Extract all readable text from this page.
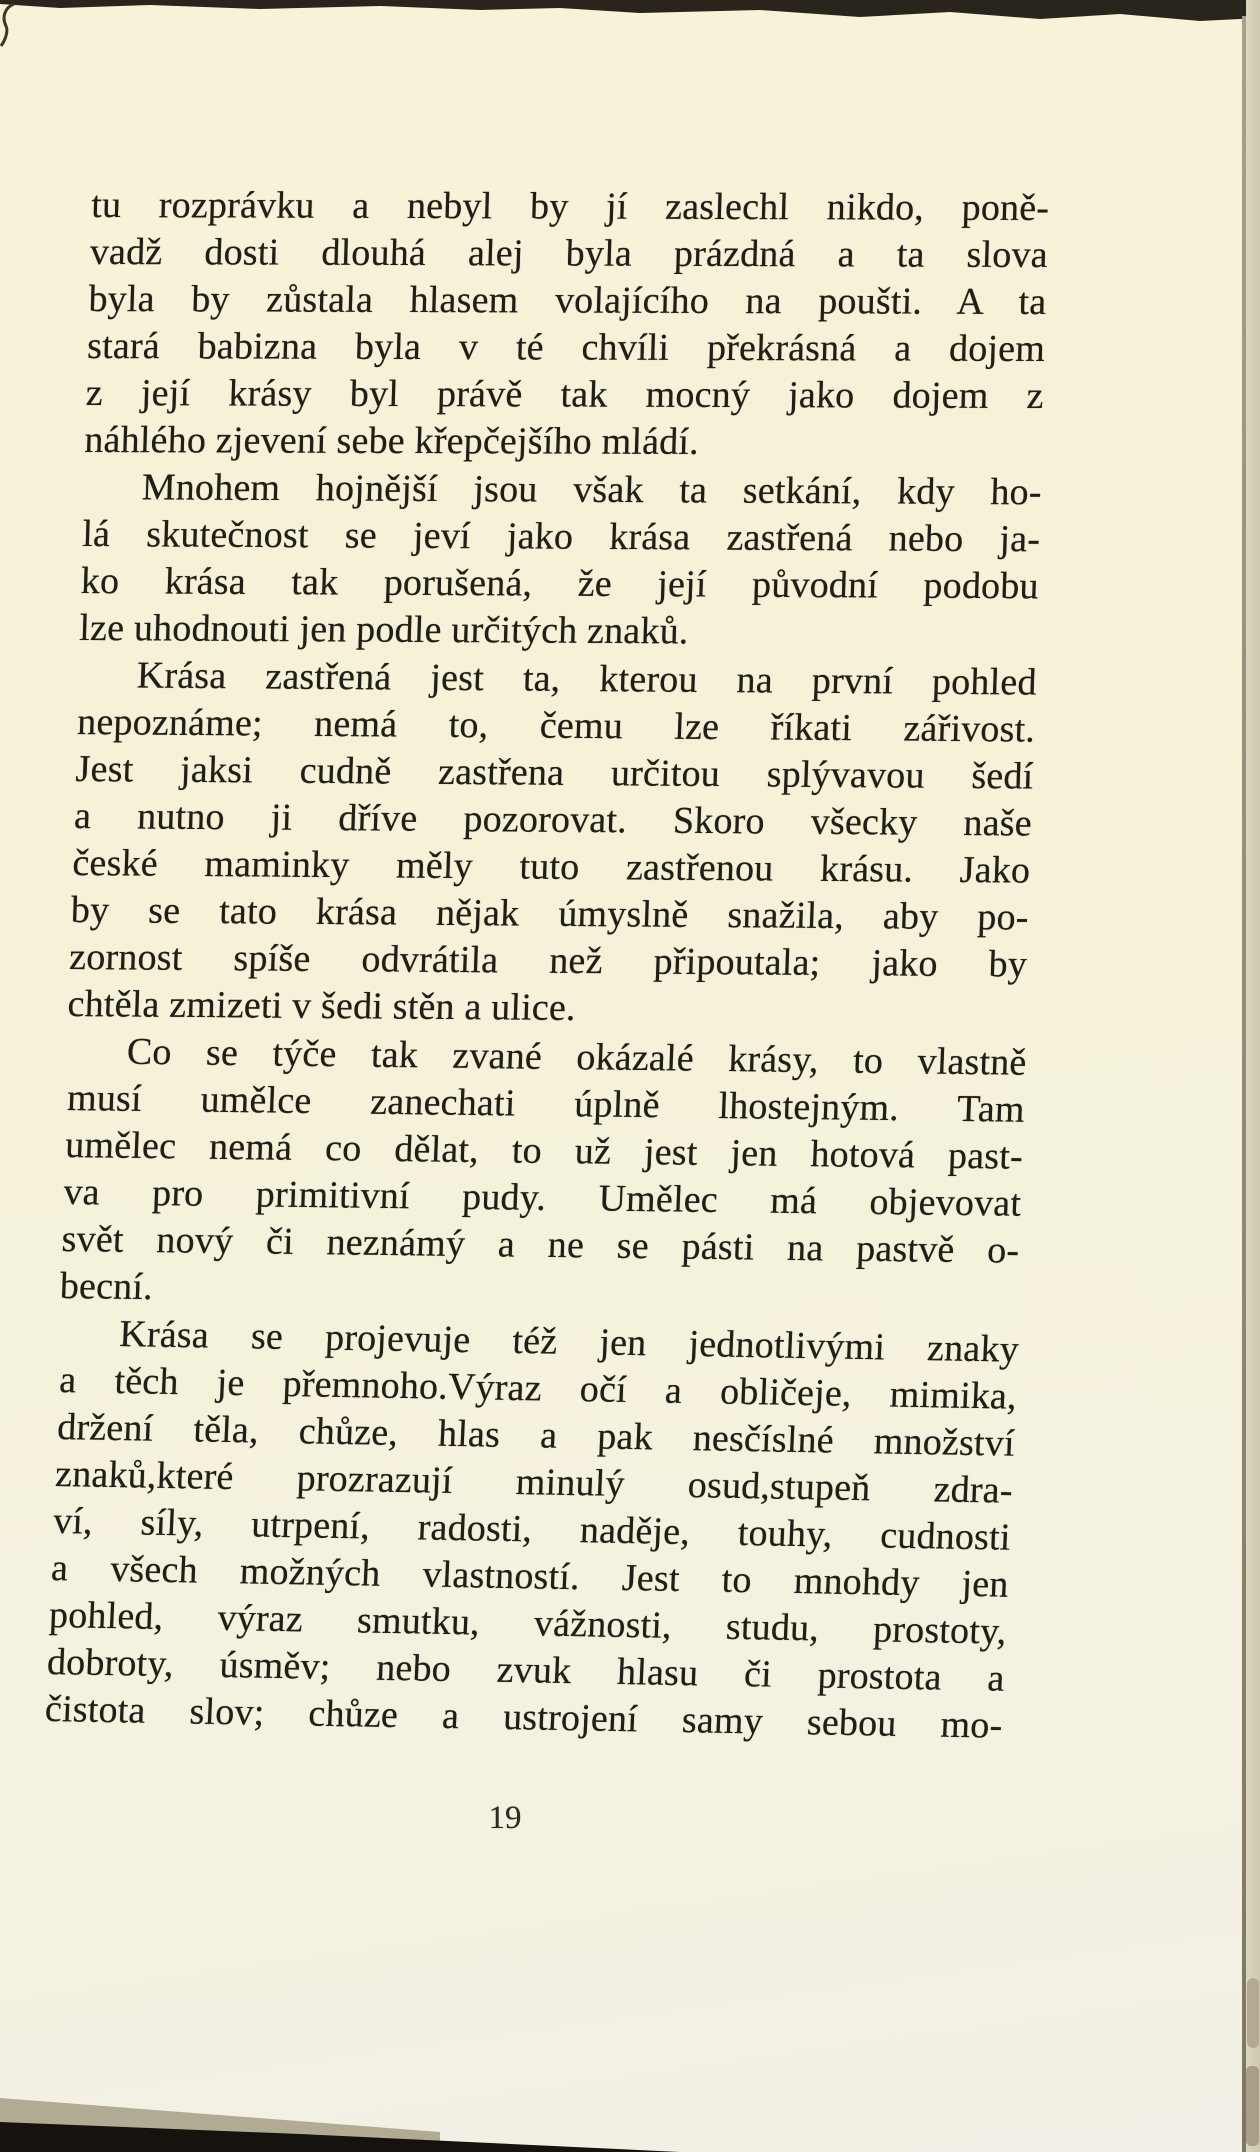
tu rozprávku a nebyl by jí zaslechl nikdo, poně-
vadž dosti dlouhá alej byla prázdná a ta slova
byla by zůstala hlasem volajícího na poušti. A ta
stará babizna byla v té chvíli překrásná a dojem
z její krásy byl právě tak mocný jako dojem z
náhlého zjevení sebe křepčejšího mládí.
Mnohem hojnější jsou však ta setkání, kdy ho-
lá skutečnost se jeví jako krása zastřená nebo ja-
ko krása tak porušená, že její původní podobu
lze uhodnouti jen podle určitých znaků.
Krása zastřená jest ta, kterou na první pohled
nepoznáme; nemá to, čemu lze říkati zářivost.
Jest jaksi cudně zastřena určitou splývavou šedí
a nutno ji dříve pozorovat. Skoro všecky naše
české maminky měly tuto zastřenou krásu. Jako
by se tato krása nějak úmyslně snažila, aby po-
zornost spíše odvrátila než připoutala; jako by
chtěla zmizeti v šedi stěn a ulice.
Co se týče tak zvané okázalé krásy, to vlastně
musí umělce zanechati úplně lhostejným. Tam
umělec nemá co dělat, to už jest jen hotová past-
va pro primitivní pudy. Umělec má objevovat
svět nový či neznámý a ne se pásti na pastvě o-
becní.
Krása se projevuje též jen jednotlivými znaky
a těch je přemnoho.Výraz očí a obličeje, mimika,
držení těla, chůze, hlas a pak nesčíslné množství
znaků,které prozrazují minulý osud,stupeň zdra-
ví, síly, utrpení, radosti, naděje, touhy, cudnosti
a všech možných vlastností. Jest to mnohdy jen
pohled, výraz smutku, vážnosti, studu, prostoty,
dobroty, úsměv; nebo zvuk hlasu či prostota a
čistota slov; chůze a ustrojení samy sebou mo-
19
